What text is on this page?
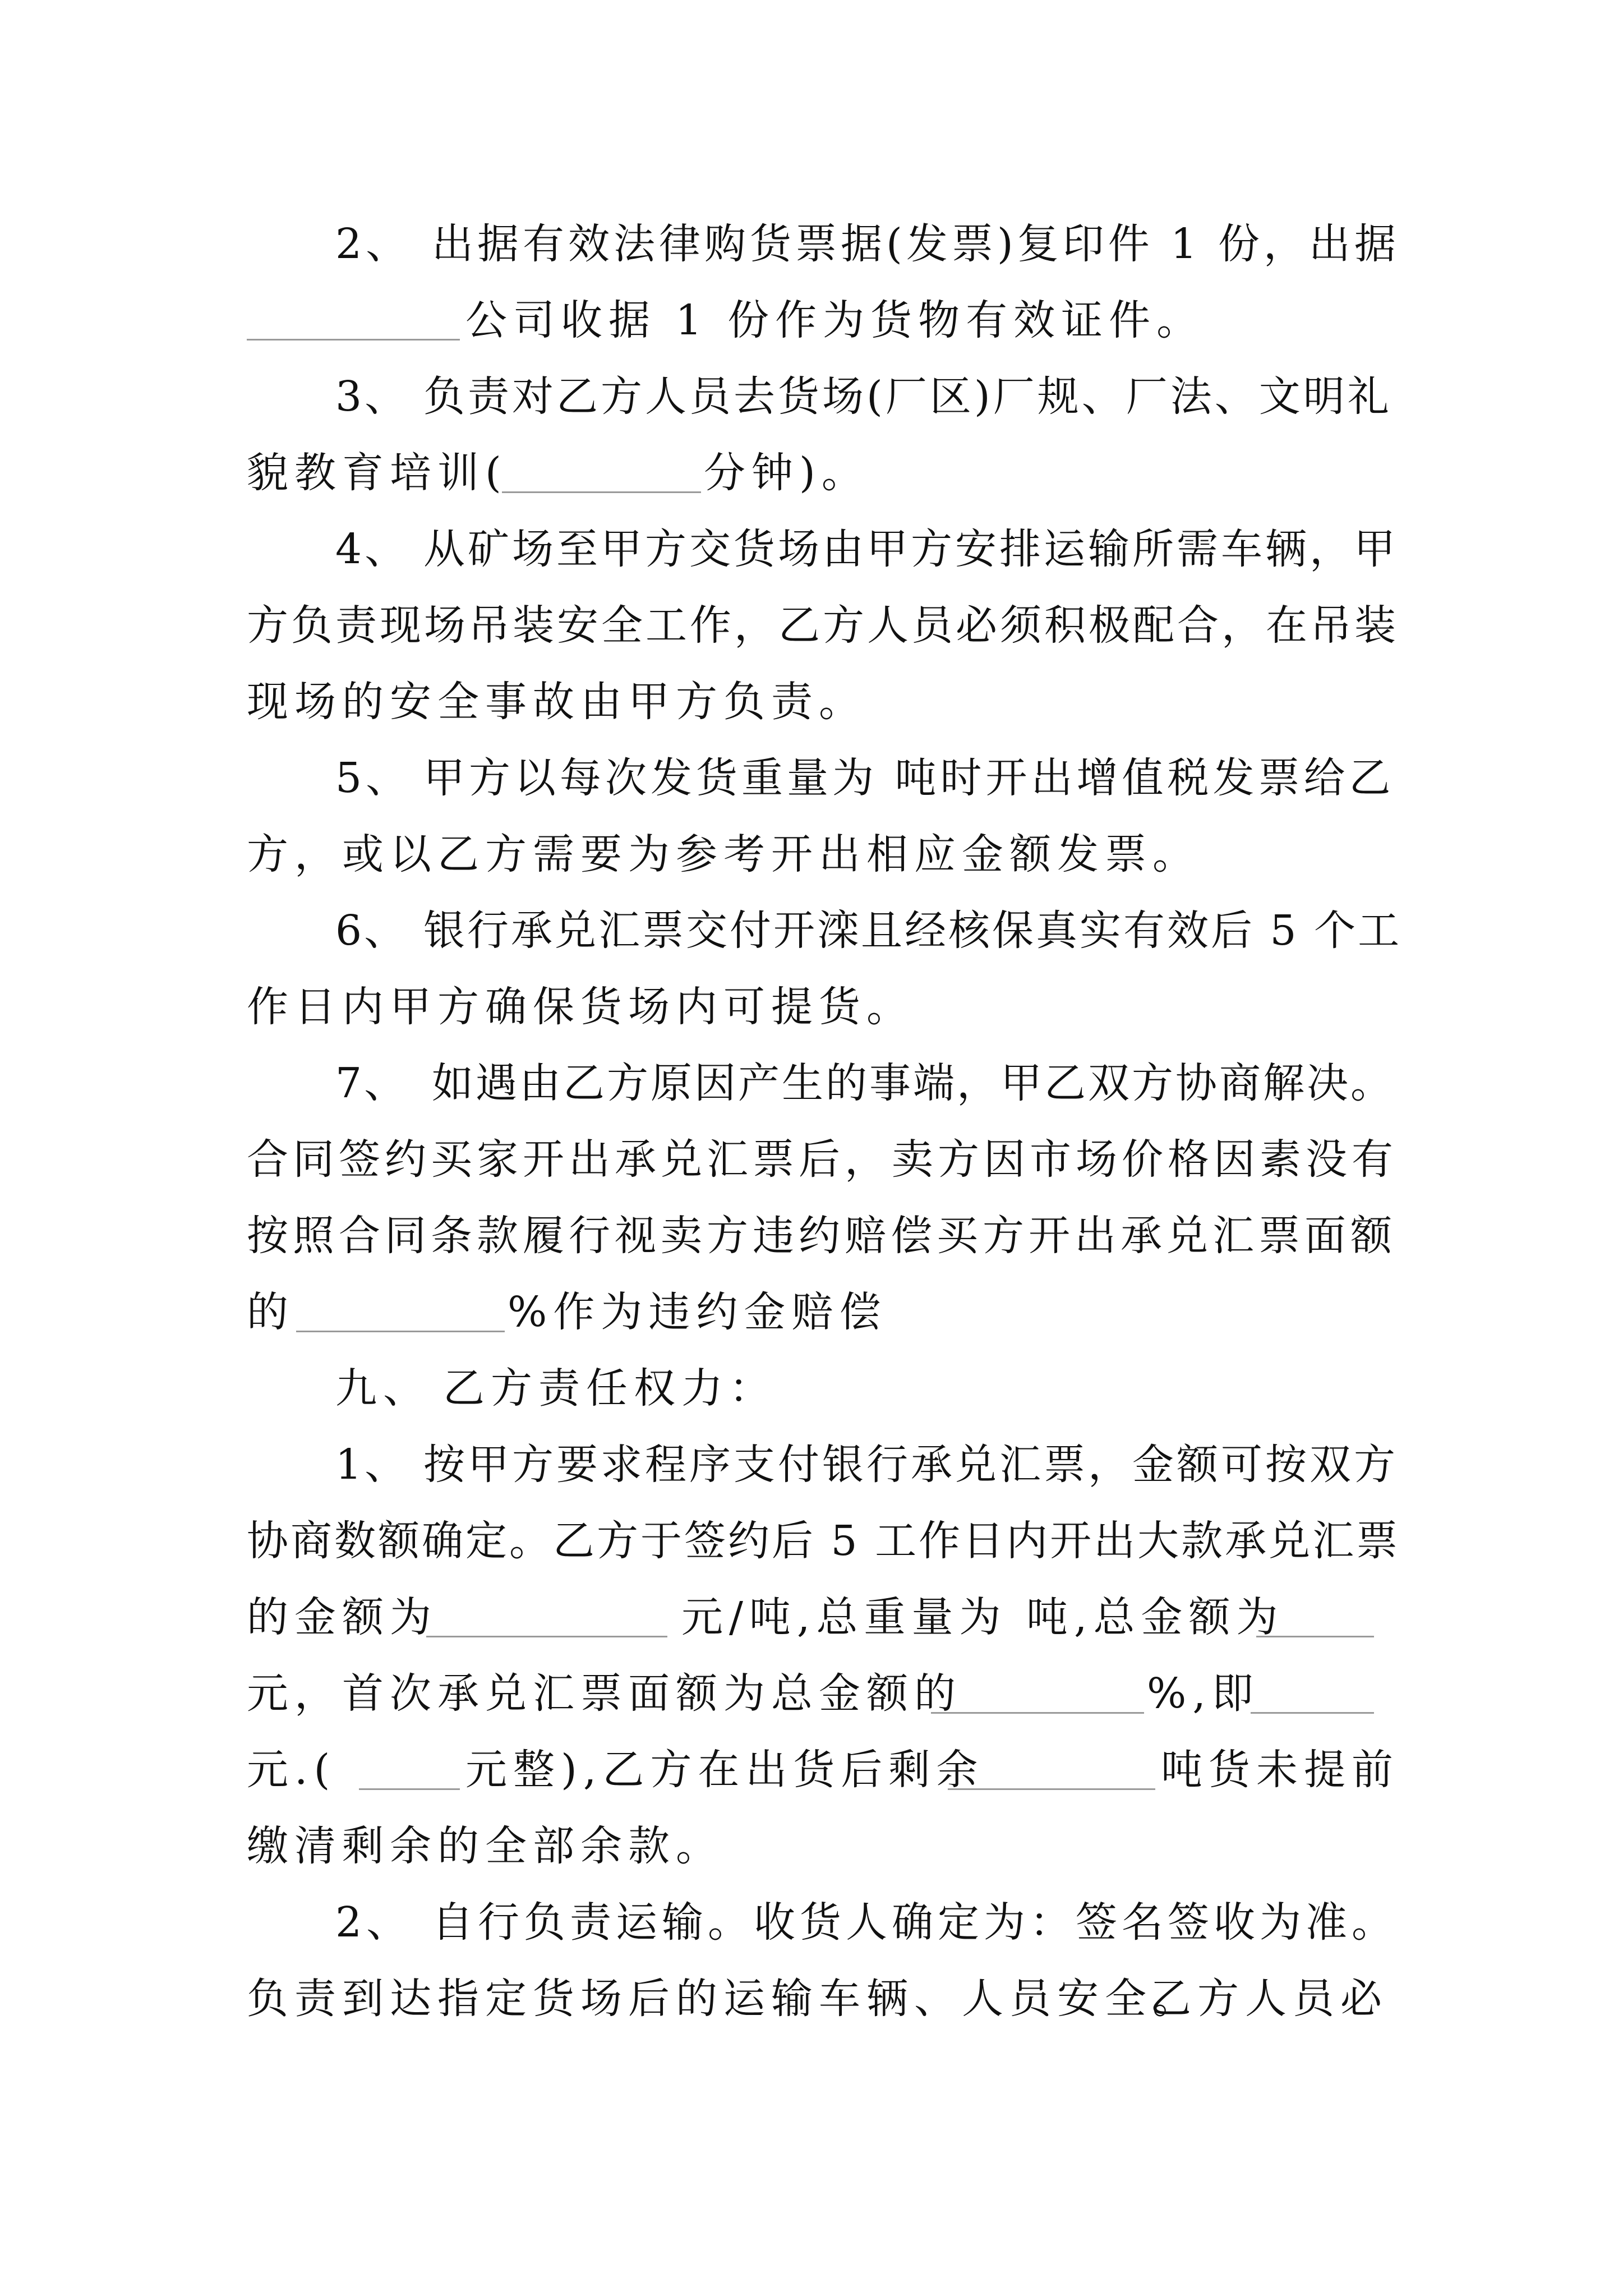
2、 出据有效法律购货票据(发票)复印件 1 份，出据
公司收据 1 份作为货物有效证件。
3、 负责对乙方人员去货场(厂区)厂规、厂法、文明礼
貌教育培训(	分钟)。
4、 从矿场至甲方交货场由甲方安排运输所需车辆，甲
方负责现场吊装安全工作，乙方人员必须积极配合，在吊装
现场的安全事故由甲方负责。
5、 甲方以每次发货重量为 吨时开出增值税发票给乙
方，或以乙方需要为参考开出相应金额发票。
6、 银行承兑汇票交付开滦且经核保真实有效后 5 个工
作日内甲方确保货场内可提货。
7、 如遇由乙方原因产生的事端，甲乙双方协商解决。
合同签约买家开出承兑汇票后， 卖方因市场价格因素没有
按照合同条款履行视卖方违约赔偿买方开出承兑汇票面额
的	%作为违约金赔偿
九、 乙方责任权力：
1、 按甲方要求程序支付银行承兑汇票，金额可按双方
协商数额确定。乙方于签约后 5 工作日内开出大款承兑汇票
的金额为	元/吨,总重量为 吨,总金额为
元，首次承兑汇票面额为总金额的	%,即
元.(	元整),乙方在出货后剩余	吨货未提前
缴清剩余的全部余款。
2、 自行负责运输。收货人确定为：签名签收为准。
负责到达指定货场后的运输车辆、人员安全。
乙方人员必
